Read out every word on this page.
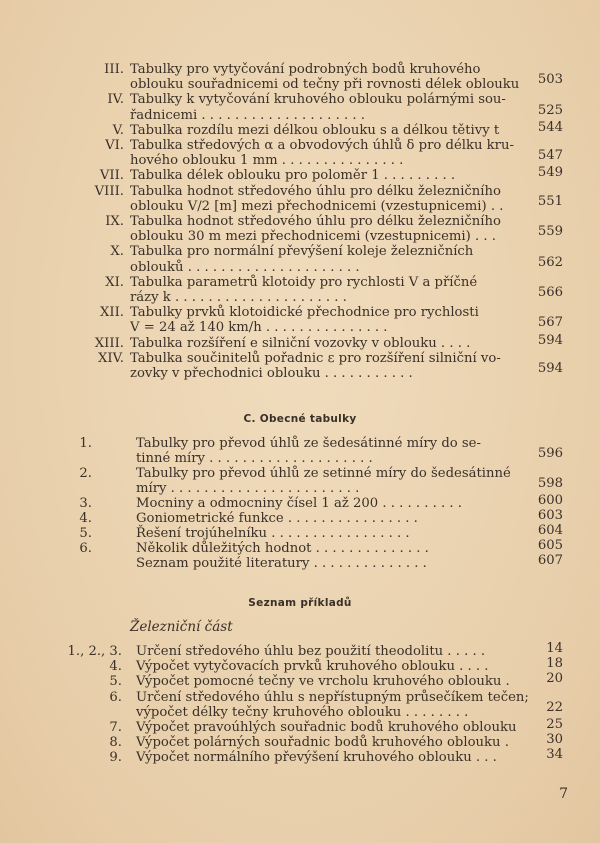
III. Tabulky pro vytyčování podrobných bodů kruhového
oblouku souřadnicemi od tečny při rovnosti délek oblouku 503
IV. Tabulky k vytyčování kruhového oblouku polárnými sou-
řadnicemi . . . . . . . . . . . . . . . . . . . .	525
V. Tabulka rozdílu mezi délkou oblouku s a délkou tětivy t	544
VI. Tabulka středových α a obvodových úhlů δ pro délku kru-
hového oblouku 1 mm . . . . . . . . . . . . . . .	547
VII. Tabulka délek oblouku pro poloměr 1 . . . . . . . . .	549
VIII. Tabulka hodnot středového úhlu pro délku železničního
oblouku V/2 [m] mezi přechodnicemi (vzestupnicemi) . .	551
IX. Tabulka hodnot středového úhlu pro délku železničního
oblouku 30 m mezi přechodnicemi (vzestupnicemi) . . .	559
X. Tabulka pro normální převýšení koleje železničních
oblouků . . . . . . . . . . . . . . . . . . . . .	562
XI. Tabulka parametrů klotoidy pro rychlosti V a příčné
rázy k . . . . . . . . . . . . . . . . . . . . .	566
XII. Tabulky prvků klotoidické přechodnice pro rychlosti
V = 24 až 140 km/h . . . . . . . . . . . . . . .	567
XIII. Tabulka rozšíření e silniční vozovky v oblouku . . . .	594
XIV. Tabulka součinitelů pořadnic ε pro rozšíření silniční vo-
zovky v přechodnici oblouku . . . . . . . . . . .	594
C. Obecné tabulky
1.	Tabulky pro převod úhlů ze šedesátinné míry do se-
tinné míry . . . . . . . . . . . . . . . . . . . .	596
2.	Tabulky pro převod úhlů ze setinné míry do šedesátinné
míry . . . . . . . . . . . . . . . . . . . . . . .	598
3.	Mocniny a odmocniny čísel 1 až 200 . . . . . . . . . .	600
4.	Goniometrické funkce . . . . . . . . . . . . . . . .	603
5.	Řešení trojúhelníku . . . . . . . . . . . . . . . . .	604
6.	Několik důležitých hodnot . . . . . . . . . . . . . .	605
Seznam použité literatury . . . . . . . . . . . . . .	607
Seznam příkladů
Železniční část
1., 2., 3. Určení středového úhlu bez použití theodolitu . . . . .	14
4. Výpočet vytyčovacích prvků kruhového oblouku . . . .	18
5. Výpočet pomocné tečny ve vrcholu kruhového oblouku .	20
6. Určení středového úhlu s nepřístupným průsečíkem tečen;
výpočet délky tečny kruhového oblouku . . . . . . . .	22
7. Výpočet pravoúhlých souřadnic bodů kruhového oblouku 25
8. Výpočet polárných souřadnic bodů kruhového oblouku .	30
9. Výpočet normálního převýšení kruhového oblouku . . .	34
7
